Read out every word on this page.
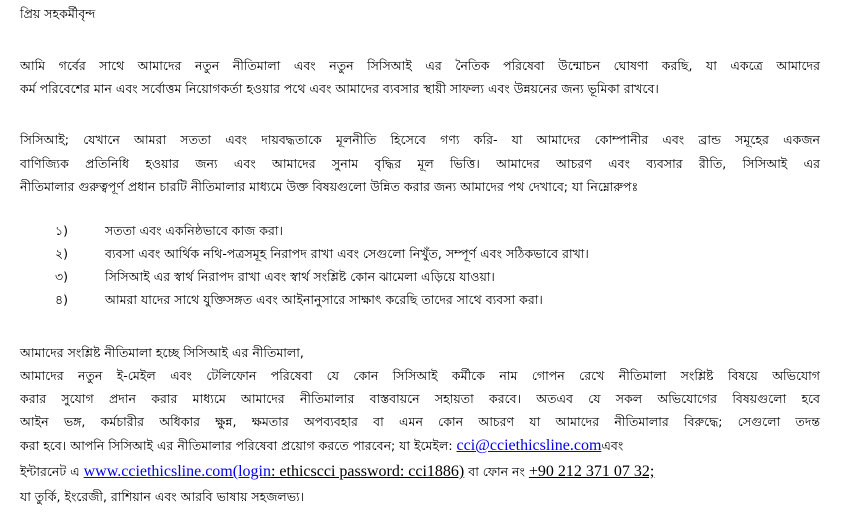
প্রিয় সহকর্মীবৃন্দ
আমি গর্বের সাথে আমাদের নতুন নীতিমালা এবং নতুন সিসিআই এর নৈতিক পরিষেবা উন্মোচন ঘোষণা করছি, যা একত্রে আমাদের
কর্ম পরিবেশের মান এবং সর্বোত্তম নিয়োগকর্তা হওয়ার পথে এবং আমাদের ব্যবসার স্থায়ী সাফল্য এবং উন্নয়নের জন্য ভূমিকা রাখবে।
সিসিআই; যেখানে আমরা সততা এবং দায়বদ্ধতাকে মূলনীতি হিসেবে গণ্য করি- যা আমাদের কোম্পানীর এবং ব্রান্ড সমূহের একজন
বাণিজ্যিক প্রতিনিধি হওয়ার জন্য এবং আমাদের সুনাম বৃদ্ধির মূল ভিত্তি। আমাদের আচরণ এবং ব্যবসার রীতি, সিসিআই এর
নীতিমালার গুরুত্বপূর্ণ প্রধান চারটি নীতিমালার মাধ্যমে উক্ত বিষয়গুলো উন্নিত করার জন্য আমাদের পথ দেখাবে; যা নিম্নোরুপঃ
১)	সততা এবং একনিষ্ঠভাবে কাজ করা।
২)	ব্যবসা এবং আর্থিক নথি-পত্রসমূহ নিরাপদ রাখা এবং সেগুলো নিখুঁত, সম্পূর্ণ এবং সঠিকভাবে রাখা।
৩)	সিসিআই এর স্বার্থ নিরাপদ রাখা এবং স্বার্থ সংশ্লিষ্ট কোন ঝামেলা এড়িয়ে যাওয়া।
৪)	আমরা যাদের সাথে যুক্তিসঙ্গত এবং আইনানুসারে সাক্ষাৎ করেছি তাদের সাথে ব্যবসা করা।
আমাদের সংশ্লিষ্ট নীতিমালা হচ্ছে সিসিআই এর নীতিমালা,
আমাদের নতুন ই-মেইল এবং টেলিফোন পরিষেবা যে কোন সিসিআই কর্মীকে নাম গোপন রেখে নীতিমালা সংশ্লিষ্ট বিষয়ে অভিযোগ
করার সুযোগ প্রদান করার মাধ্যমে আমাদের নীতিমালার বাস্তবায়নে সহায়তা করবে। অতএব যে সকল অভিযোগের বিষয়গুলো হবে
আইন ভঙ্গ, কর্মচারীর অধিকার ক্ষুন্ন, ক্ষমতার অপব্যবহার বা এমন কোন আচরণ যা আমাদের নীতিমালার বিরুদ্ধে; সেগুলো তদন্ত
করা হবে। আপনি সিসিআই এর নীতিমালার পরিষেবা প্রয়োগ করতে পারবেন; যা ইমেইল: cci@cciethicsline.comএবং
ইন্টারনেট এ www.cciethicsline.com(login: ethicscci password: cci1886) বা ফোন নং +90 212 371 07 32;
যা তুর্কি, ইংরেজী, রাশিয়ান এবং আরবি ভাষায় সহজলভ্য।
